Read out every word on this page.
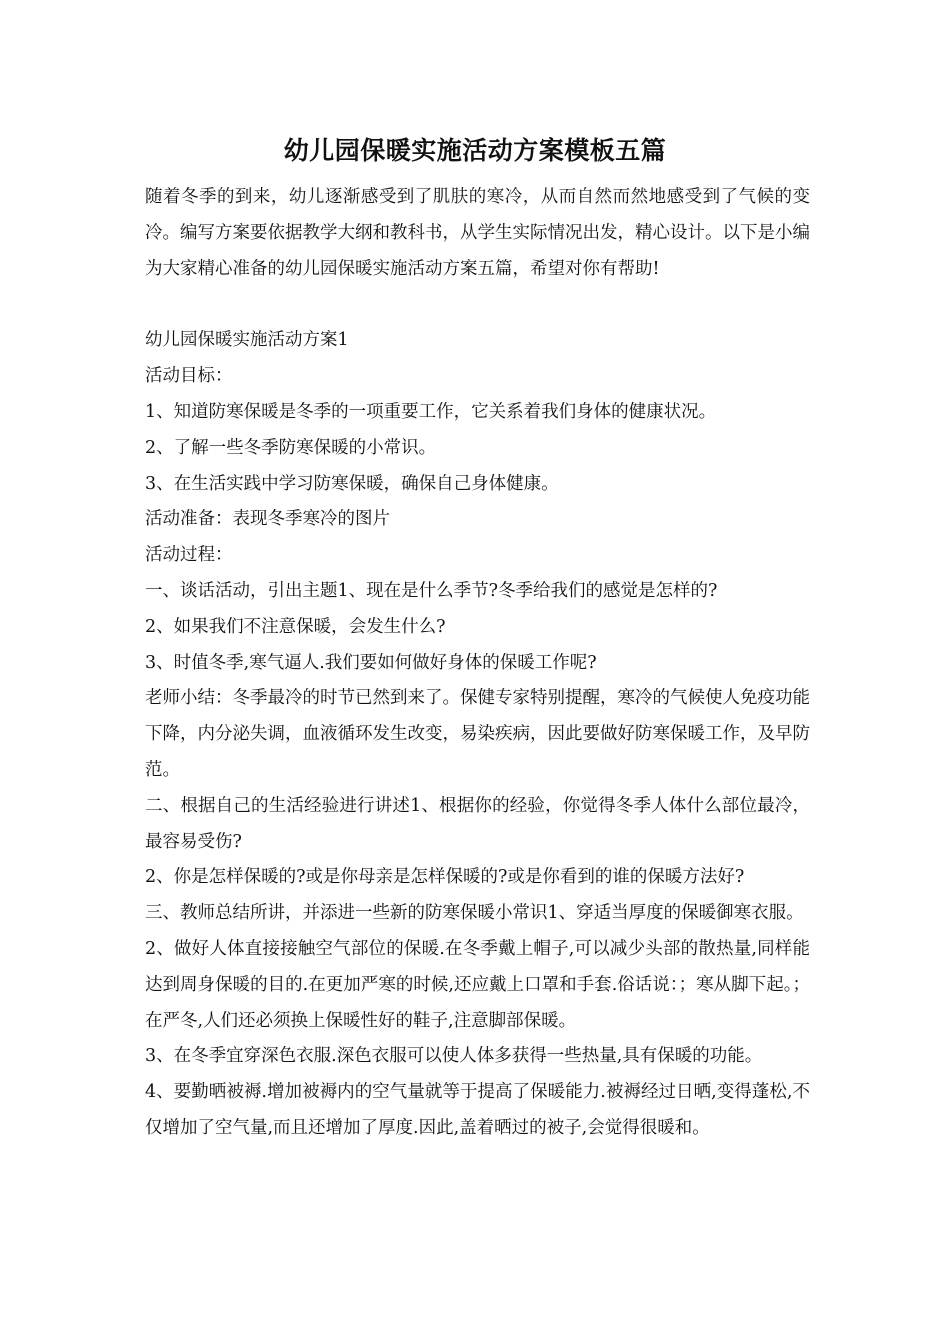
幼儿园保暖实施活动方案模板五篇

随着冬季的到来，幼儿逐渐感受到了肌肤的寒冷，从而自然而然地感受到了气候的变冷。编写方案要依据教学大纲和教科书，从学生实际情况出发，精心设计。以下是小编为大家精心准备的幼儿园保暖实施活动方案五篇，希望对你有帮助!

幼儿园保暖实施活动方案1

活动目标：

1、知道防寒保暖是冬季的一项重要工作，它关系着我们身体的健康状况。

2、了解一些冬季防寒保暖的小常识。

3、在生活实践中学习防寒保暖，确保自己身体健康。

活动准备：表现冬季寒冷的图片

活动过程：

一、谈话活动，引出主题1、现在是什么季节?冬季给我们的感觉是怎样的?

2、如果我们不注意保暖，会发生什么?

3、时值冬季,寒气逼人.我们要如何做好身体的保暖工作呢?

老师小结：冬季最冷的时节已然到来了。保健专家特别提醒，寒冷的气候使人免疫功能下降，内分泌失调，血液循环发生改变，易染疾病，因此要做好防寒保暖工作，及早防范。

二、根据自己的生活经验进行讲述1、根据你的经验，你觉得冬季人体什么部位最冷，最容易受伤?

2、你是怎样保暖的?或是你母亲是怎样保暖的?或是你看到的谁的保暖方法好?

三、教师总结所讲，并添进一些新的防寒保暖小常识1、穿适当厚度的保暖御寒衣服。

2、做好人体直接接触空气部位的保暖.在冬季戴上帽子,可以减少头部的散热量,同样能达到周身保暖的目的.在更加严寒的时候,还应戴上口罩和手套.俗话说：；寒从脚下起。；在严冬,人们还必须换上保暖性好的鞋子,注意脚部保暖。

3、在冬季宜穿深色衣服.深色衣服可以使人体多获得一些热量,具有保暖的功能。

4、要勤晒被褥.增加被褥内的空气量就等于提高了保暖能力.被褥经过日晒,变得蓬松,不仅增加了空气量,而且还增加了厚度.因此,盖着晒过的被子,会觉得很暖和。
